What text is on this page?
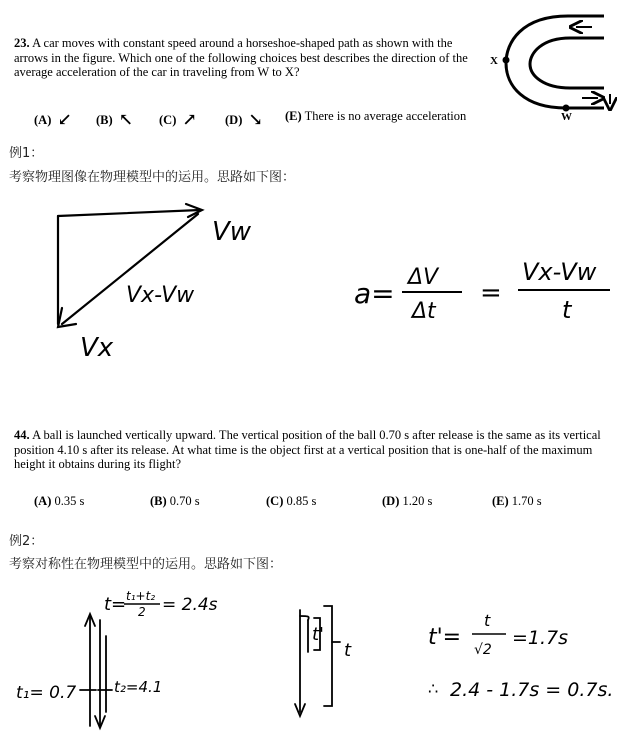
23. A car moves with constant speed around a horseshoe-shaped path as shown with the arrows in the figure. Which one of the following choices best describes the direction of the average acceleration of the car in traveling from W to X?
(A) ↙ (B) ↖ (C) ↗ (D) ↘ (E) There is no average acceleration
X
W
例1：
考察物理图像在物理模型中的运用。思路如下图：
Vw
Vx-Vw
Vx
a= ΔV
Δt
=
Vx-Vw
t
44. A ball is launched vertically upward. The vertical position of the ball 0.70 s after release is the same as its vertical position 4.10 s after its release. At what time is the object first at a vertical position that is one-half of the maximum height it obtains during its flight?
(A) 0.35 s	(B) 0.70 s	(C) 0.85 s	(D) 1.20 s	(E) 1.70 s
例2：
考察对称性在物理模型中的运用。思路如下图：
t= t₁+t₂
2 = 2.4s
t₁= 0.7	t₂=4.1
t'
t
t'=
t
√2
=1.7s
∴ 2.4 - 1.7s = 0.7s.
